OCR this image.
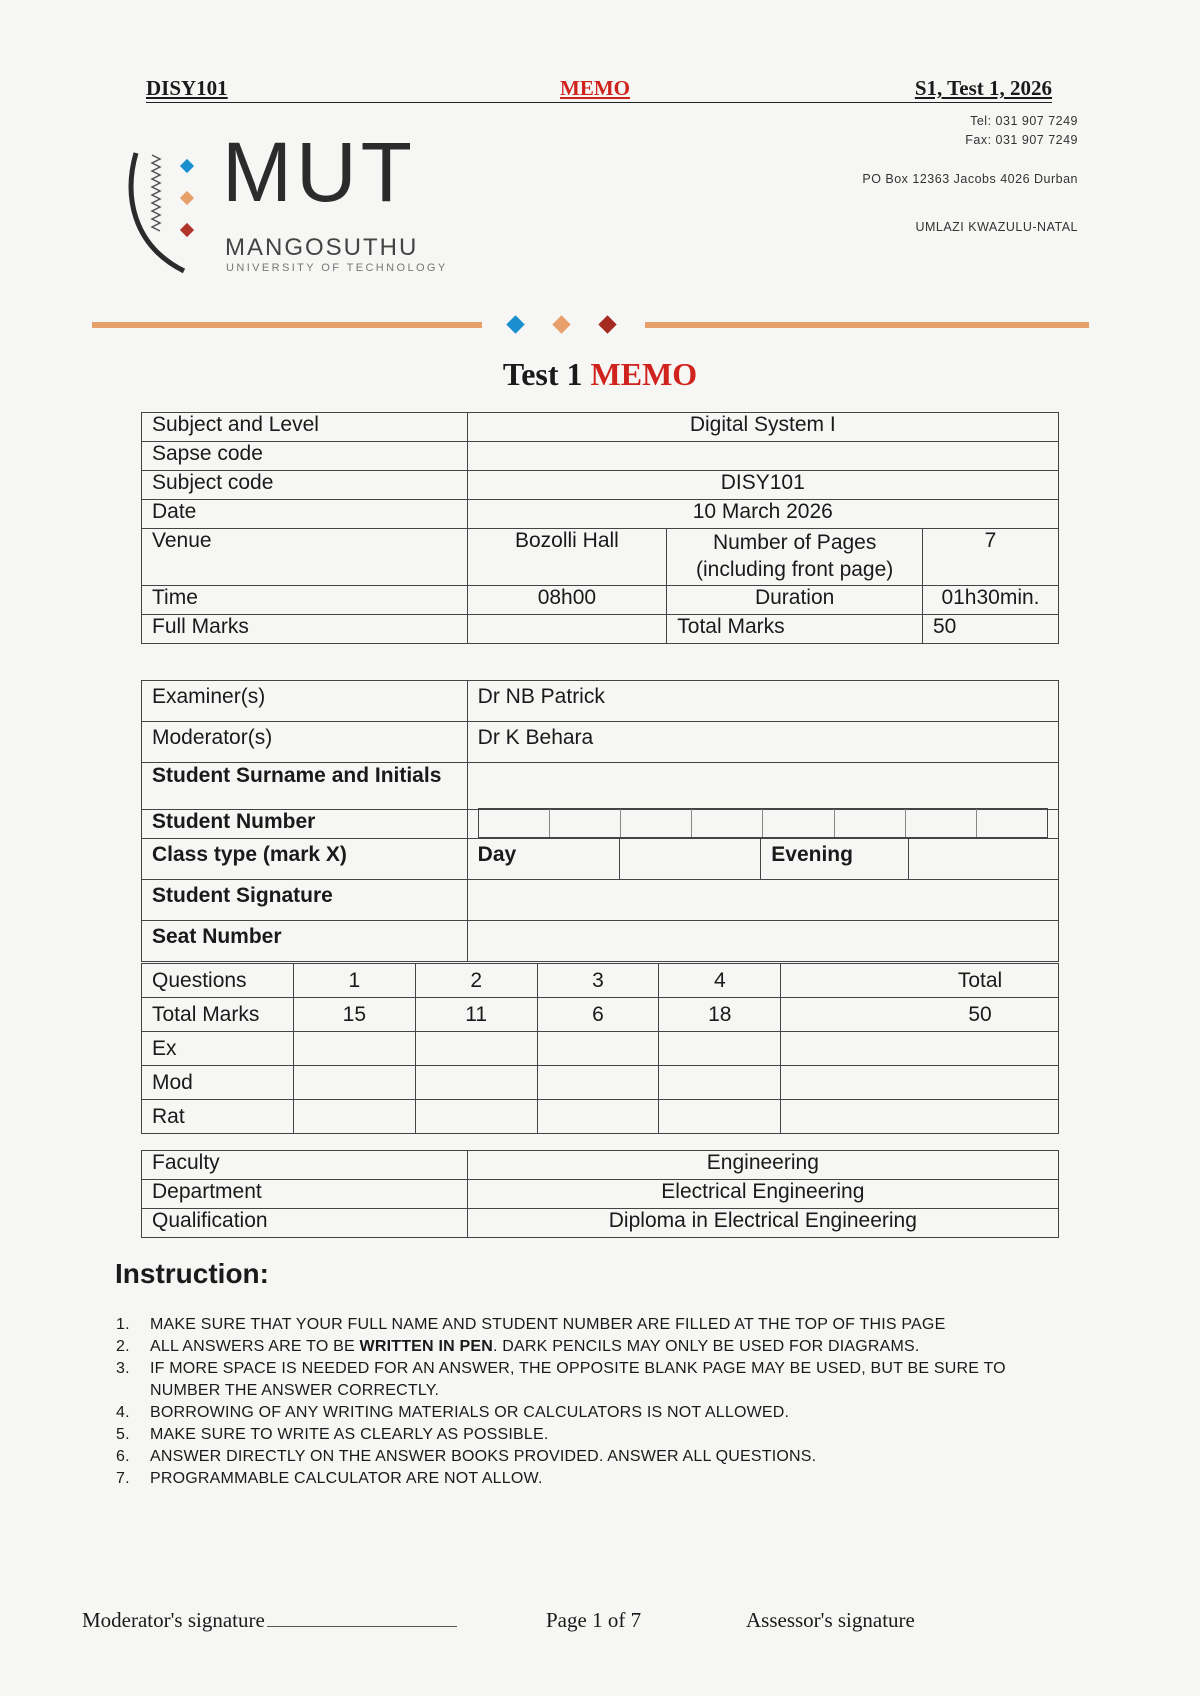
DISY101	MEMO	S1, Test 1, 2026
Tel: 031 907 7249
Fax: 031 907 7249
PO Box 12363 Jacobs 4026 Durban
UMLAZI KWAZULU-NATAL
MUT
MANGOSUTHU
UNIVERSITY OF TECHNOLOGY
Test 1 MEMO
Subject and Level	Digital System I		
Sapse code			
Subject code	DISY101		
Date	10 March 2026		
Venue	Bozolli Hall	Number of Pages (including front page)	7
Time	08h00	Duration	01h30min.
Full Marks		Total Marks	50
Examiner(s)	Dr NB Patrick			
Moderator(s)	Dr K Behara			
Student Surname and Initials				
Student Number				

Class type (mark X)	Day		Evening	
Student Signature				
Seat Number				
Questions	1	2	3	4	Total

Total Marks	15	11	6	18	50

Ex					
Mod					
Rat					
Faculty	Engineering
Department	Electrical Engineering
Qualification	Diploma in Electrical Engineering
Instruction:
1. MAKE SURE THAT YOUR FULL NAME AND STUDENT NUMBER ARE FILLED AT THE TOP OF THIS PAGE
2. ALL ANSWERS ARE TO BE WRITTEN IN PEN. DARK PENCILS MAY ONLY BE USED FOR DIAGRAMS.
3. IF MORE SPACE IS NEEDED FOR AN ANSWER, THE OPPOSITE BLANK PAGE MAY BE USED, BUT BE SURE TO NUMBER THE ANSWER CORRECTLY.
4. BORROWING OF ANY WRITING MATERIALS OR CALCULATORS IS NOT ALLOWED.
5. MAKE SURE TO WRITE AS CLEARLY AS POSSIBLE.
6. ANSWER DIRECTLY ON THE ANSWER BOOKS PROVIDED. ANSWER ALL QUESTIONS.
7. PROGRAMMABLE CALCULATOR ARE NOT ALLOW.
Moderator's signature	Page 1 of 7	Assessor's signature
